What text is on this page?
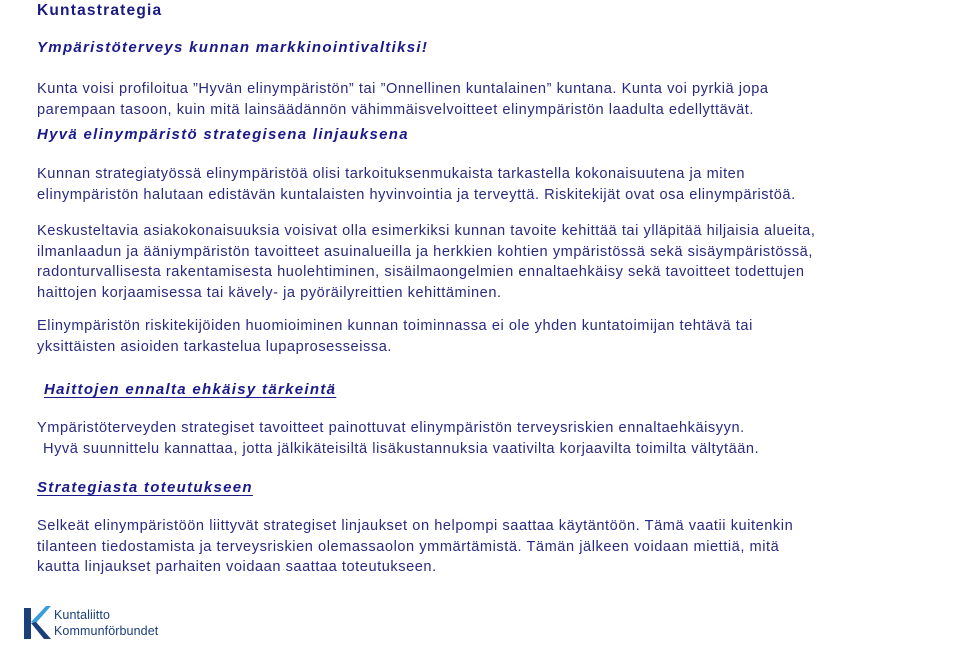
Kuntastrategia
Ympäristöterveys kunnan markkinointivaltiksi!
Kunta voisi profiloitua ”Hyvän elinympäristön” tai ”Onnellinen kuntalainen” kuntana. Kunta voi pyrkiä jopa
parempaan tasoon, kuin mitä lainsäädännön vähimmäisvelvoitteet elinympäristön laadulta edellyttävät.
Hyvä elinympäristö strategisena linjauksena
Kunnan strategiatyössä elinympäristöä olisi tarkoituksenmukaista tarkastella kokonaisuutena ja miten
elinympäristön halutaan edistävän kuntalaisten hyvinvointia ja terveyttä. Riskitekijät ovat osa elinympäristöä.
Keskusteltavia asiakokonaisuuksia voisivat olla esimerkiksi kunnan tavoite kehittää tai ylläpitää hiljaisia alueita,
ilmanlaadun ja ääniympäristön tavoitteet asuinalueilla ja herkkien kohtien ympäristössä sekä sisäympäristössä,
radonturvallisesta rakentamisesta huolehtiminen, sisäilmaongelmien ennaltaehkäisy sekä tavoitteet todettujen
haittojen korjaamisessa tai kävely- ja pyöräilyreittien kehittäminen.
Elinympäristön riskitekijöiden huomioiminen kunnan toiminnassa ei ole yhden kuntatoimijan tehtävä tai
yksittäisten asioiden tarkastelua lupaprosesseissa.
Haittojen ennalta ehkäisy tärkeintä
Ympäristöterveyden strategiset tavoitteet painottuvat elinympäristön terveysriskien ennaltaehkäisyyn.
Hyvä suunnittelu kannattaa, jotta jälkikäteisiltä lisäkustannuksia vaativilta korjaavilta toimilta vältytään.
Strategiasta toteutukseen
Selkeät elinympäristöön liittyvät strategiset linjaukset on helpompi saattaa käytäntöön. Tämä vaatii kuitenkin
tilanteen tiedostamista ja terveysriskien olemassaolon ymmärtämistä. Tämän jälkeen voidaan miettiä, mitä
kautta linjaukset parhaiten voidaan saattaa toteutukseen.
Kuntaliitto
Kommunförbundet
